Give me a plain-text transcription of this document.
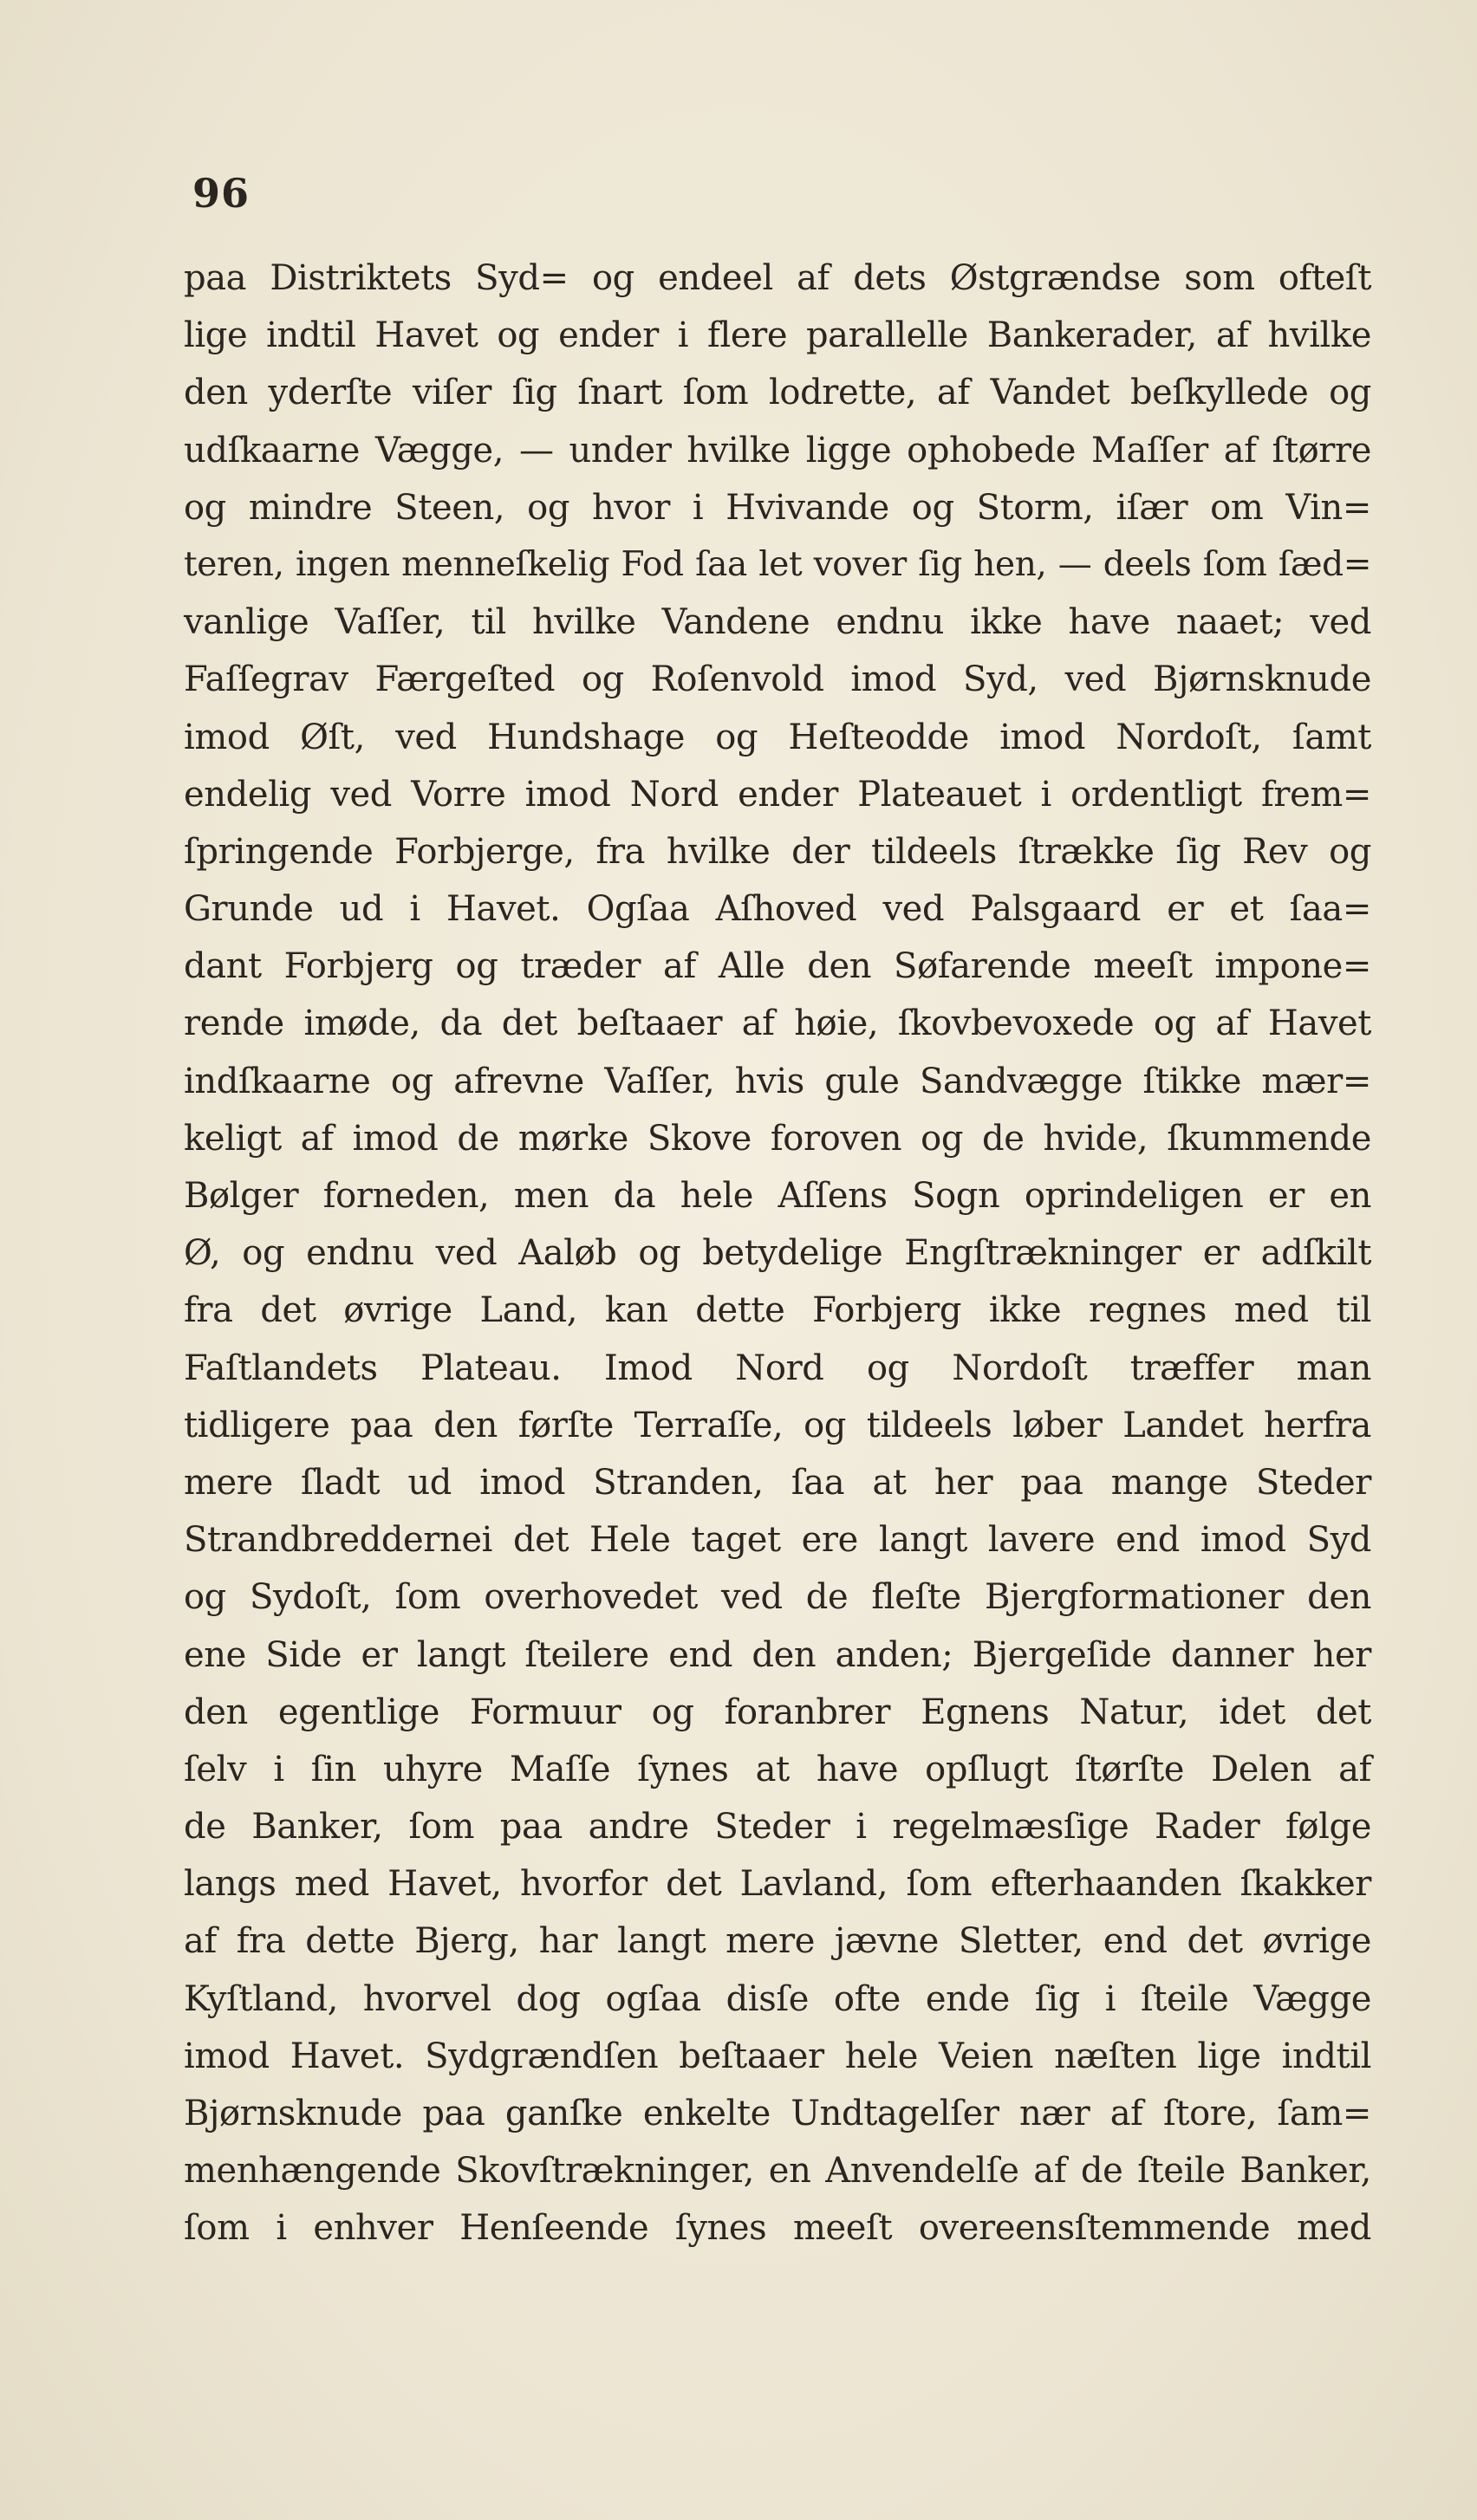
96
paa Distriktets Syd= og endeel af dets Østgrændse som ofteſt
lige indtil Havet og ender i flere parallelle Bankerader, af hvilke
den yderſte viſer ſig ſnart ſom lodrette, af Vandet beſkyllede og
udſkaarne Vægge, — under hvilke ligge ophobede Maſſer af ſtørre
og mindre Steen, og hvor i Hvivande og Storm, iſær om Vin=
teren, ingen menneſkelig Fod ſaa let vover ſig hen, — deels ſom ſæd=
vanlige Vaſſer, til hvilke Vandene endnu ikke have naaet; ved
Faſſegrav Færgeſted og Roſenvold imod Syd, ved Bjørnsknude
imod Øſt, ved Hundshage og Heſteodde imod Nordoſt, ſamt
endelig ved Vorre imod Nord ender Plateauet i ordentligt frem=
ſpringende Forbjerge, fra hvilke der tildeels ſtrække ſig Rev og
Grunde ud i Havet. Ogſaa Aſhoved ved Palsgaard er et ſaa=
dant Forbjerg og træder af Alle den Søfarende meeſt impone=
rende imøde, da det beſtaaer af høie, ſkovbevoxede og af Havet
indſkaarne og afrevne Vaſſer, hvis gule Sandvægge ſtikke mær=
keligt af imod de mørke Skove foroven og de hvide, ſkummende
Bølger forneden, men da hele Aſſens Sogn oprindeligen er en
Ø, og endnu ved Aaløb og betydelige Engſtrækninger er adſkilt
fra det øvrige Land, kan dette Forbjerg ikke regnes med til
Faſtlandets Plateau. Imod Nord og Nordoſt træffer man
tidligere paa den førſte Terraſſe, og tildeels løber Landet herfra
mere ſladt ud imod Stranden, ſaa at her paa mange Steder
Strandbreddernei det Hele taget ere langt lavere end imod Syd
og Sydoſt, ſom overhovedet ved de fleſte Bjergformationer den
ene Side er langt ſteilere end den anden; Bjergeſide danner her
den egentlige Formuur og foranbrer Egnens Natur, idet det
ſelv i ſin uhyre Maſſe ſynes at have opſlugt ſtørſte Delen af
de Banker, ſom paa andre Steder i regelmæsſige Rader følge
langs med Havet, hvorfor det Lavland, ſom efterhaanden ſkakker
af fra dette Bjerg, har langt mere jævne Sletter, end det øvrige
Kyſtland, hvorvel dog ogſaa disſe ofte ende ſig i ſteile Vægge
imod Havet. Sydgrændſen beſtaaer hele Veien næſten lige indtil
Bjørnsknude paa ganſke enkelte Undtagelſer nær af ſtore, ſam=
menhængende Skovſtrækninger, en Anvendelſe af de ſteile Banker,
ſom i enhver Henſeende ſynes meeſt overeensſtemmende med
